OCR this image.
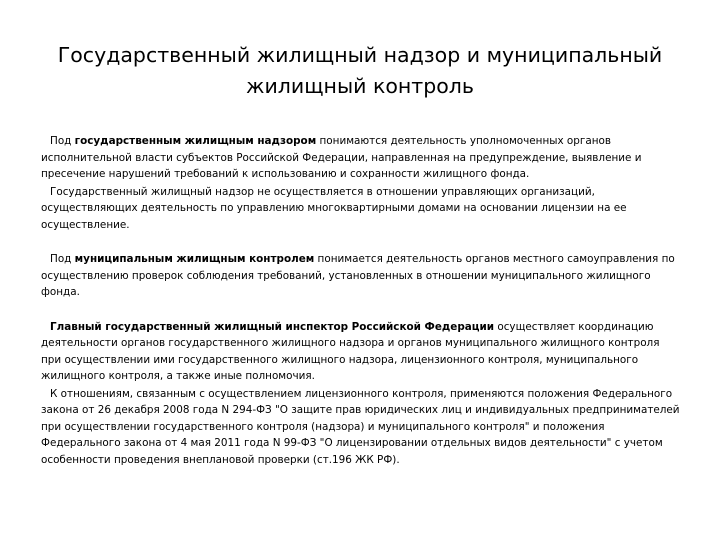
Государственный жилищный надзор и муниципальный
жилищный контроль

Под государственным жилищным надзором понимаются деятельность уполномоченных органов исполнительной власти субъектов Российской Федерации, направленная на предупреждение, выявление и пресечение нарушений требований к использованию и сохранности жилищного фонда.

Государственный жилищный надзор не осуществляется в отношении управляющих организаций, осуществляющих деятельность по управлению многоквартирными домами на основании лицензии на ее осуществление.

Под муниципальным жилищным контролем понимается деятельность органов местного самоуправления по осуществлению проверок соблюдения требований, установленных в отношении муниципального жилищного фонда.

Главный государственный жилищный инспектор Российской Федерации осуществляет координацию деятельности органов государственного жилищного надзора и органов муниципального жилищного контроля при осуществлении ими государственного жилищного надзора, лицензионного контроля, муниципального жилищного контроля, а также иные полномочия.

К отношениям, связанным с осуществлением лицензионного контроля, применяются положения Федерального закона от 26 декабря 2008 года N 294-ФЗ "О защите прав юридических лиц и индивидуальных предпринимателей при осуществлении государственного контроля (надзора) и муниципального контроля" и положения Федерального закона от 4 мая 2011 года N 99-ФЗ "О лицензировании отдельных видов деятельности" с учетом особенности проведения внеплановой проверки (ст.196 ЖК РФ).
